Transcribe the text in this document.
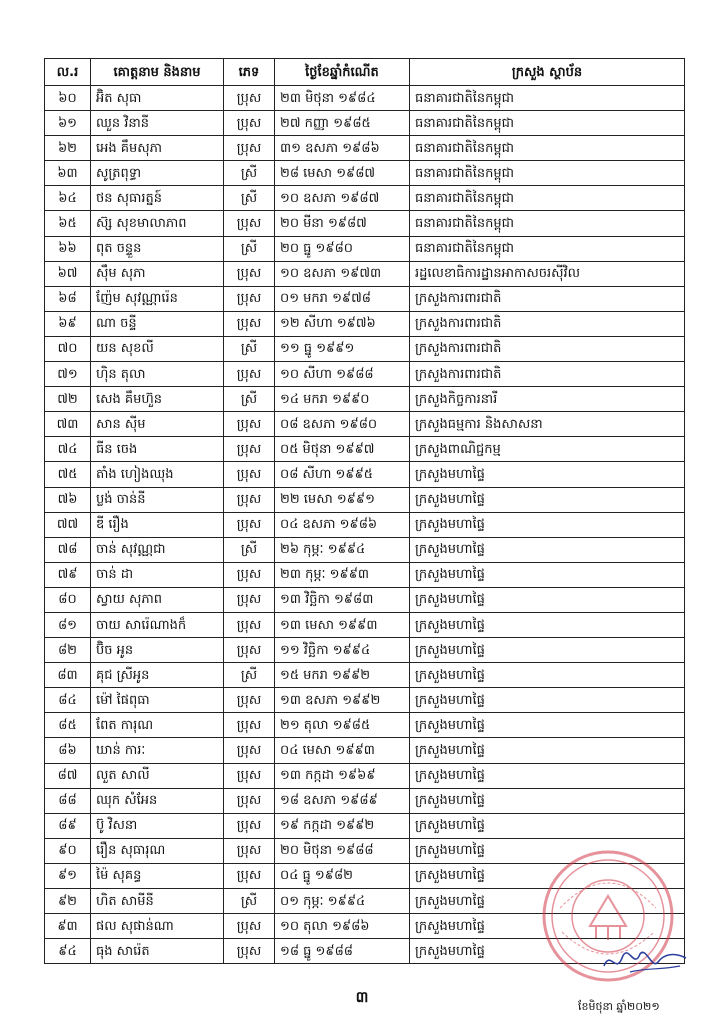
ល.រ	គោត្តនាម និងនាម	ភេទ	ថ្ងៃខែឆ្នាំកំណើត	ក្រសួង ស្ថាប័ន
៦០	អ៊ិត សុធា	ប្រុស	២៣ មិថុនា ១៩៨៤	ធនាគារជាតិនៃកម្ពុជា
៦១	ឈួន វិនានី	ប្រុស	២៧ កញ្ញា ១៩៨៥	ធនាគារជាតិនៃកម្ពុជា
៦២	អេង គឹមសុភា	ប្រុស	៣១ ឧសភា ១៩៨៦	ធនាគារជាតិនៃកម្ពុជា
៦៣	សូត្រពុទ្ធា	ស្រី	២៨ មេសា ១៩៨៧	ធនាគារជាតិនៃកម្ពុជា
៦៤	ថន សុធារត្នន៍	ស្រី	១០ ឧសភា ១៩៨៧	ធនាគារជាតិនៃកម្ពុជា
៦៥	ស៊្ស សុខមាលាភាព	ប្រុស	២០ មីនា ១៩៨៧	ធនាគារជាតិនៃកម្ពុជា
៦៦	ពុត ចន្ទួន	ស្រី	២០ ធ្នូ ១៩៨០	ធនាគារជាតិនៃកម្ពុជា
៦៧	ស៊ឹម សុភា	ប្រុស	១០ ឧសភា ១៩៧៣	រដ្ឋលេខាធិការដ្ឋានអាកាសចរស៊ីវិល
៦៨	ញ៉ែម សុវណ្ណារ៉េន	ប្រុស	០១ មករា ១៩៧៨	ក្រសួងការពារជាតិ
៦៩	ណា ចន្ទី	ប្រុស	១២ សីហា ១៩៧៦	ក្រសួងការពារជាតិ
៧០	យន សុខលី	ស្រី	១១ ធ្នូ ១៩៩១	ក្រសួងការពារជាតិ
៧១	ហ៊ិន តុលា	ប្រុស	១០ សីហា ១៩៨៨	ក្រសួងការពារជាតិ
៧២	សេង គឹមហ៊ួន	ស្រី	១៤ មករា ១៩៩០	ក្រសួងកិច្ចការនារី
៧៣	សាន ស៊ីម	ប្រុស	០៨ ឧសភា ១៩៨០	ក្រសួងធម្មការ និងសាសនា
៧៤	ធីន ចេង	ប្រុស	០៥ មិថុនា ១៩៩៧	ក្រសួងពាណិជ្ជកម្ម
៧៥	តាំង ហៀងឈុង	ប្រុស	០៨ សីហា ១៩៩៥	ក្រសួងមហាផ្ទៃ
៧៦	ប្លង់ ចាន់នី	ប្រុស	២២ មេសា ១៩៩១	ក្រសួងមហាផ្ទៃ
៧៧	ឌី រឿង	ប្រុស	០៤ ឧសភា ១៩៨៦	ក្រសួងមហាផ្ទៃ
៧៨	ចាន់ សុវណ្ណជា	ស្រី	២៦ កុម្ភៈ ១៩៩៤	ក្រសួងមហាផ្ទៃ
៧៩	ចាន់ ដា	ប្រុស	២៣ កុម្ភៈ ១៩៩៣	ក្រសួងមហាផ្ទៃ
៨០	ស្វាយ សុភាព	ប្រុស	១៣ វិច្ឆិកា ១៩៨៣	ក្រសួងមហាផ្ទៃ
៨១	ចាយ សារ៉េណាងក៏	ប្រុស	១៣ មេសា ១៩៩៣	ក្រសួងមហាផ្ទៃ
៨២	ប៊ិច អូន	ប្រុស	១១ វិច្ឆិកា ១៩៩៤	ក្រសួងមហាផ្ទៃ
៨៣	គុជ ស្រីអូន	ស្រី	១៥ មករា ១៩៩២	ក្រសួងមហាផ្ទៃ
៨៤	ម៉ៅ ផៃពុធា	ប្រុស	១៣ ឧសភា ១៩៩២	ក្រសួងមហាផ្ទៃ
៨៥	ពែត ការុណ	ប្រុស	២១ តុលា ១៩៨៥	ក្រសួងមហាផ្ទៃ
៨៦	ឃាន់ ការៈ	ប្រុស	០៤ មេសា ១៩៩៣	ក្រសួងមហាផ្ទៃ
៨៧	លួត សាលី	ប្រុស	១៣ កក្កដា ១៩៦៩	ក្រសួងមហាផ្ទៃ
៨៨	ឈុក សំអែន	ប្រុស	១៨ ឧសភា ១៩៨៩	ក្រសួងមហាផ្ទៃ
៨៩	ប៊ូ វិសនា	ប្រុស	១៩ កក្កដា ១៩៩២	ក្រសួងមហាផ្ទៃ
៩០	រឿន សុធារុណ	ប្រុស	២០ មិថុនា ១៩៨៨	ក្រសួងមហាផ្ទៃ
៩១	ម៉ៃ សុគន្ធ	ប្រុស	០៤ ធ្នូ ១៩៨២	ក្រសួងមហាផ្ទៃ
៩២	ហិត សាមីនី	ស្រី	០១ កុម្ភៈ ១៩៩៤	ក្រសួងមហាផ្ទៃ
៩៣	ផល សុផាន់ណា	ប្រុស	១០ តុលា ១៩៨៦	ក្រសួងមហាផ្ទៃ
៩៤	ធុង សារ៉េត	ប្រុស	១៨ ធ្នូ ១៩៨៨	ក្រសួងមហាផ្ទៃ
៣
ខែមិថុនា ឆ្នាំ២០២១
